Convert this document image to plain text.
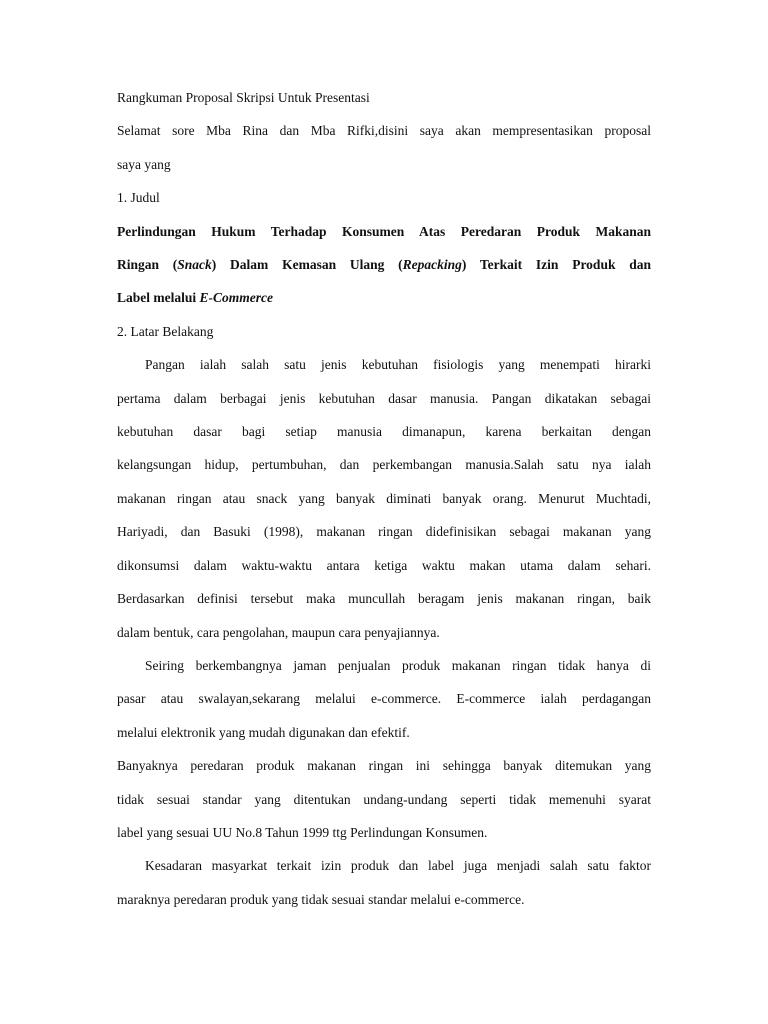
Rangkuman Proposal Skripsi Untuk Presentasi
Selamat sore Mba Rina dan Mba Rifki,disini saya akan mempresentasikan proposal
saya yang
1. Judul
Perlindungan Hukum Terhadap Konsumen Atas Peredaran Produk Makanan
Ringan (Snack) Dalam Kemasan Ulang (Repacking) Terkait Izin Produk dan
Label melalui E-Commerce
2. Latar Belakang
Pangan ialah salah satu jenis kebutuhan fisiologis yang menempati hirarki
pertama dalam berbagai jenis kebutuhan dasar manusia. Pangan dikatakan sebagai
kebutuhan dasar bagi setiap manusia dimanapun, karena berkaitan dengan
kelangsungan hidup, pertumbuhan, dan perkembangan manusia.Salah satu nya ialah
makanan ringan atau snack yang banyak diminati banyak orang. Menurut Muchtadi,
Hariyadi, dan Basuki (1998), makanan ringan didefinisikan sebagai makanan yang
dikonsumsi dalam waktu-waktu antara ketiga waktu makan utama dalam sehari.
Berdasarkan definisi tersebut maka muncullah beragam jenis makanan ringan, baik
dalam bentuk, cara pengolahan, maupun cara penyajiannya.
Seiring berkembangnya jaman penjualan produk makanan ringan tidak hanya di
pasar atau swalayan,sekarang melalui e-commerce. E-commerce ialah perdagangan
melalui elektronik yang mudah digunakan dan efektif.
Banyaknya peredaran produk makanan ringan ini sehingga banyak ditemukan yang
tidak sesuai standar yang ditentukan undang-undang seperti tidak memenuhi syarat
label yang sesuai UU No.8 Tahun 1999 ttg Perlindungan Konsumen.
Kesadaran masyarkat terkait izin produk dan label juga menjadi salah satu faktor
maraknya peredaran produk yang tidak sesuai standar melalui e-commerce.
